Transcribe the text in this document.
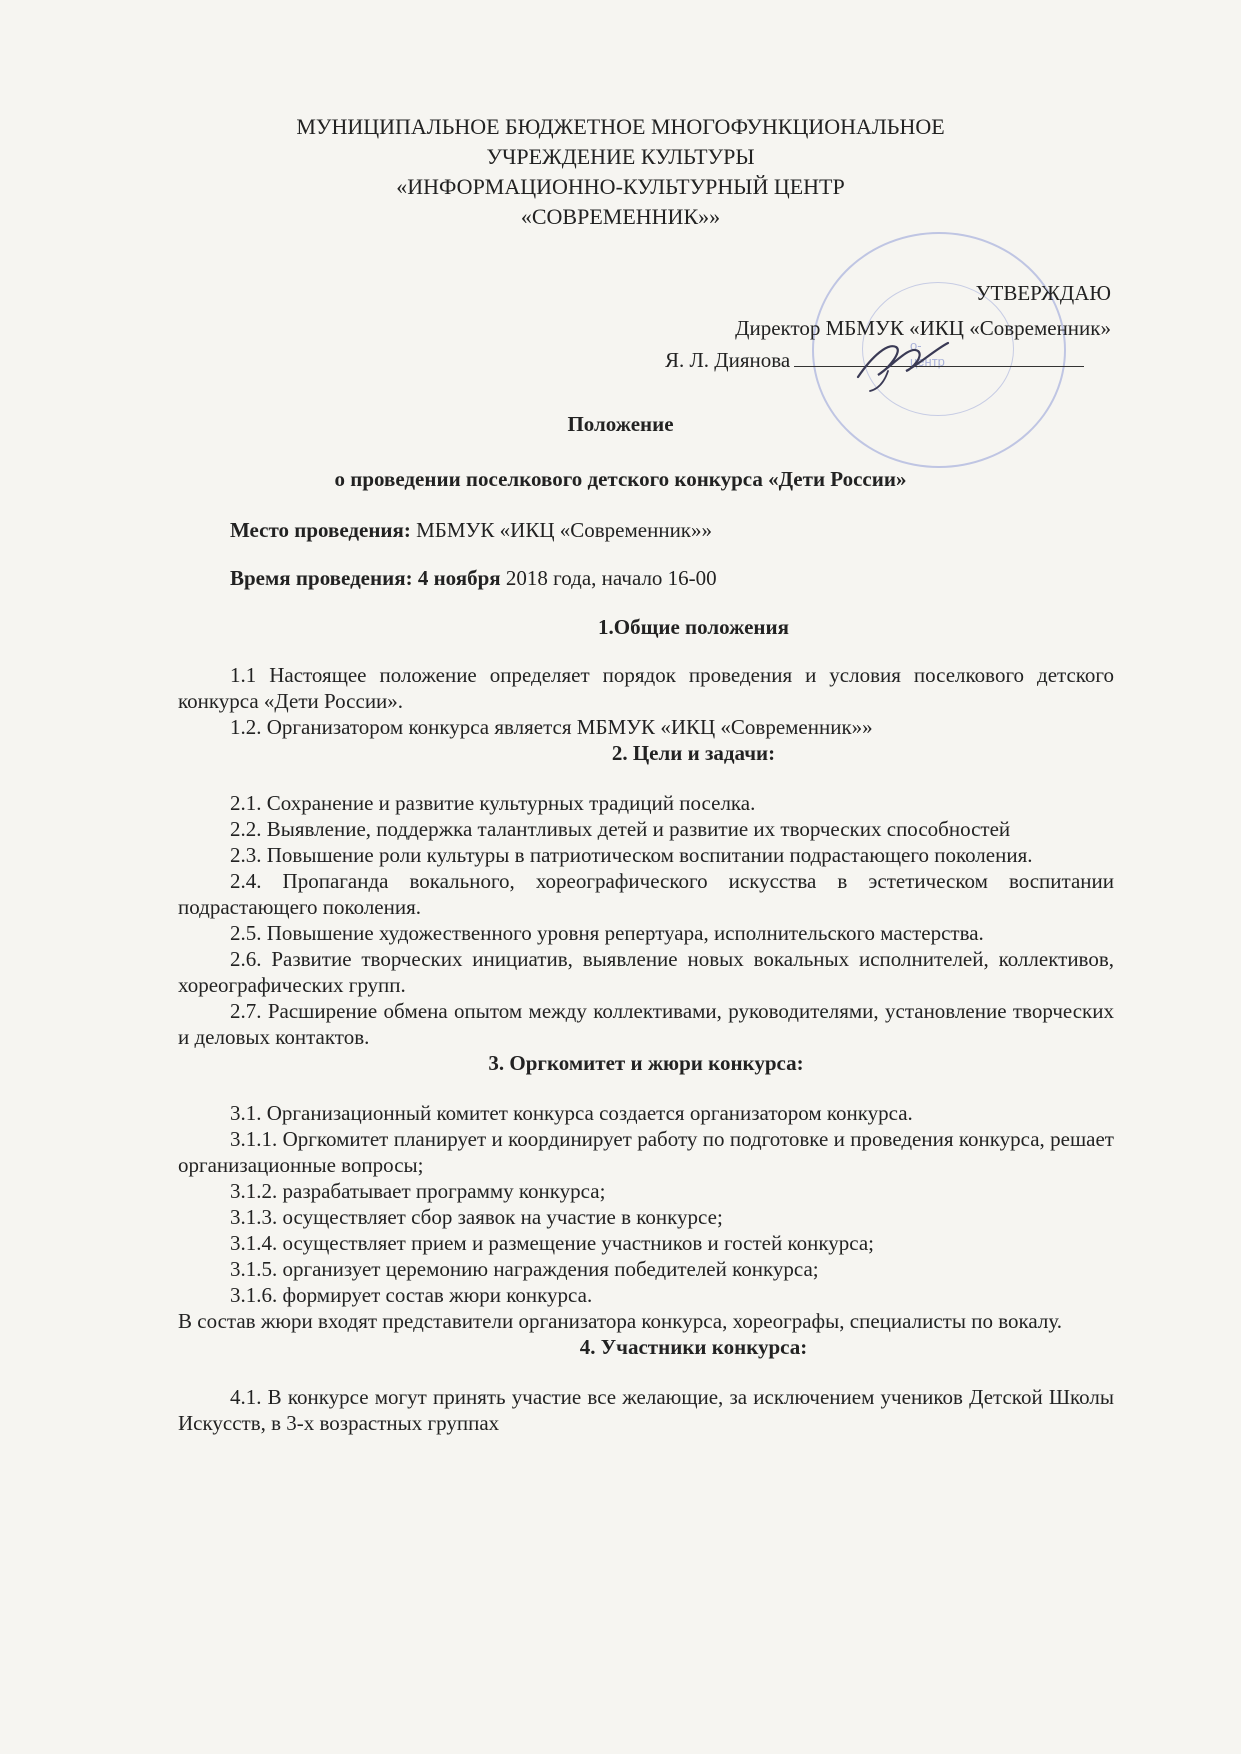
МУНИЦИПАЛЬНОЕ БЮДЖЕТНОЕ МНОГОФУНКЦИОНАЛЬНОЕ
УЧРЕЖДЕНИЕ КУЛЬТУРЫ
«ИНФОРМАЦИОННО-КУЛЬТУРНЫЙ ЦЕНТР
«СОВРЕМЕННИК»»
о-
центр
УТВЕРЖДАЮ
Директор МБМУК «ИКЦ «Современник»
Я. Л. Диянова
Положение
о проведении поселкового детского конкурса «Дети России»
Место проведения: МБМУК «ИКЦ «Современник»»
Время проведения: 4 ноября 2018 года, начало 16-00

1.Общие положения

1.1 Настоящее положение определяет порядок проведения и условия поселкового детского конкурса «Дети России».

1.2. Организатором конкурса является МБМУК «ИКЦ «Современник»»

2. Цели и задачи:

2.1. Сохранение и развитие культурных традиций поселка.

2.2. Выявление, поддержка талантливых детей и развитие их творческих способностей

2.3. Повышение роли культуры в патриотическом воспитании подрастающего поколения.

2.4. Пропаганда вокального, хореографического искусства в эстетическом воспитании подрастающего поколения.

2.5. Повышение художественного уровня репертуара, исполнительского мастерства.

2.6. Развитие творческих инициатив, выявление новых вокальных исполнителей, коллективов, хореографических групп.

2.7. Расширение обмена опытом между коллективами, руководителями, установление творческих и деловых контактов.

3. Оргкомитет и жюри конкурса:

3.1. Организационный комитет конкурса создается организатором конкурса.

3.1.1. Оргкомитет планирует и координирует работу по подготовке и проведения конкурса, решает организационные вопросы;

3.1.2. разрабатывает программу конкурса;

3.1.3. осуществляет сбор заявок на участие в конкурсе;

3.1.4. осуществляет прием и размещение участников и гостей конкурса;

3.1.5. организует церемонию награждения победителей конкурса;

3.1.6. формирует состав жюри конкурса.

В состав жюри входят представители организатора конкурса, хореографы, специалисты по вокалу.

4. Участники конкурса:

4.1. В конкурсе могут принять участие все желающие, за исключением учеников Детской Школы Искусств, в 3-х возрастных группах
